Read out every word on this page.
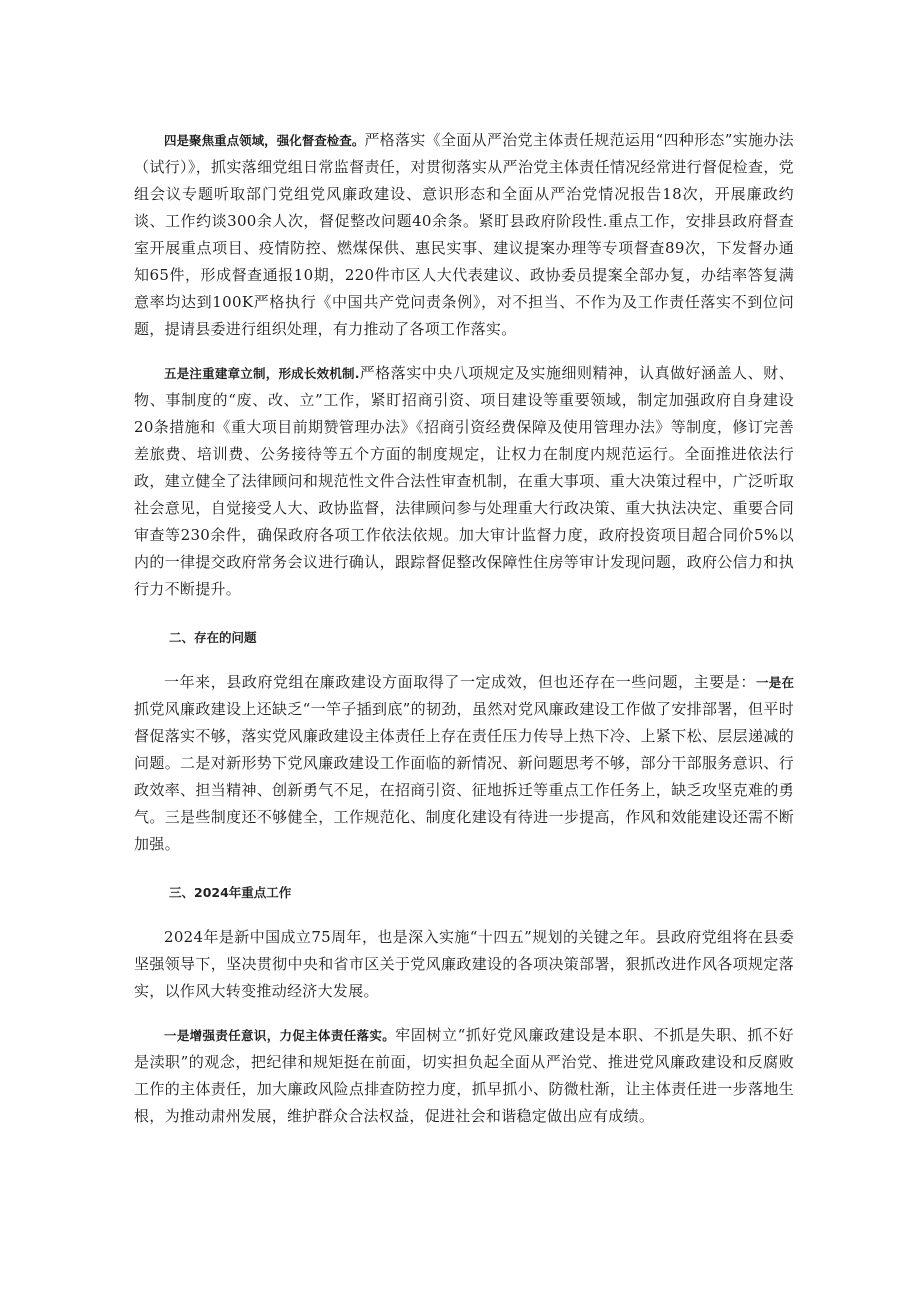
四是聚焦重点领域，强化督查检查。严格落实《全面从严治党主体责任规范运用“四种形态”实施办法（试行）》，抓实落细党组日常监督责任，对贯彻落实从严治党主体责任情况经常进行督促检查，党组会议专题听取部门党组党风廉政建设、意识形态和全面从严治党情况报告18次，开展廉政约谈、工作约谈300余人次，督促整改问题40余条。紧盯县政府阶段性.重点工作，安排县政府督查室开展重点项目、疫情防控、燃煤保供、惠民实事、建议提案办理等专项督查89次，下发督办通知65件，形成督查通报10期，220件市区人大代表建议、政协委员提案全部办复，办结率答复满意率均达到100K严格执行《中国共产党问责条例》，对不担当、不作为及工作责任落实不到位问题，提请县委进行组织处理，有力推动了各项工作落实。

五是注重建章立制，形成长效机制.严格落实中央八项规定及实施细则精神，认真做好涵盖人、财、物、事制度的“废、改、立”工作，紧盯招商引资、项目建设等重要领域，制定加强政府自身建设20条措施和《重大项目前期赞管理办法》《招商引资经费保障及使用管理办法》等制度，修订完善差旅费、培训费、公务接待等五个方面的制度规定，让权力在制度内规范运行。全面推进依法行政，建立健全了法律顾问和规范性文件合法性审查机制，在重大事项、重大决策过程中，广泛听取社会意见，自觉接受人大、政协监督，法律顾问参与处理重大行政决策、重大执法决定、重要合同审查等230余件，确保政府各项工作依法依规。加大审计监督力度，政府投资项目超合同价5%以内的一律提交政府常务会议进行确认，跟踪督促整改保障性住房等审计发现问题，政府公信力和执行力不断提升。

二、存在的问题

一年来，县政府党组在廉政建设方面取得了一定成效，但也还存在一些问题，主要是：一是在抓党风廉政建设上还缺乏“一竿子插到底”的韧劲，虽然对党风廉政建设工作做了安排部署，但平时督促落实不够，落实党风廉政建设主体责任上存在责任压力传导上热下冷、上紧下松、层层递减的问题。二是对新形势下党风廉政建设工作面临的新情况、新问题思考不够，部分干部服务意识、行政效率、担当精神、创新勇气不足，在招商引资、征地拆迁等重点工作任务上，缺乏攻坚克难的勇气。三是些制度还不够健全，工作规范化、制度化建设有待进一步提高，作风和效能建设还需不断加强。

三、2024年重点工作

2024年是新中国成立75周年，也是深入实施“十四五”规划的关键之年。县政府党组将在县委坚强领导下，坚决贯彻中央和省市区关于党风廉政建设的各项决策部署，狠抓改进作风各项规定落实，以作风大转变推动经济大发展。

一是增强责任意识，力促主体责任落实。牢固树立“抓好党风廉政建设是本职、不抓是失职、抓不好是渎职”的观念，把纪律和规矩挺在前面，切实担负起全面从严治党、推进党风廉政建设和反腐败工作的主体责任，加大廉政风险点排查防控力度，抓早抓小、防微杜渐，让主体责任进一步落地生根，为推动肃州发展，维护群众合法权益，促进社会和谐稳定做出应有成绩。
